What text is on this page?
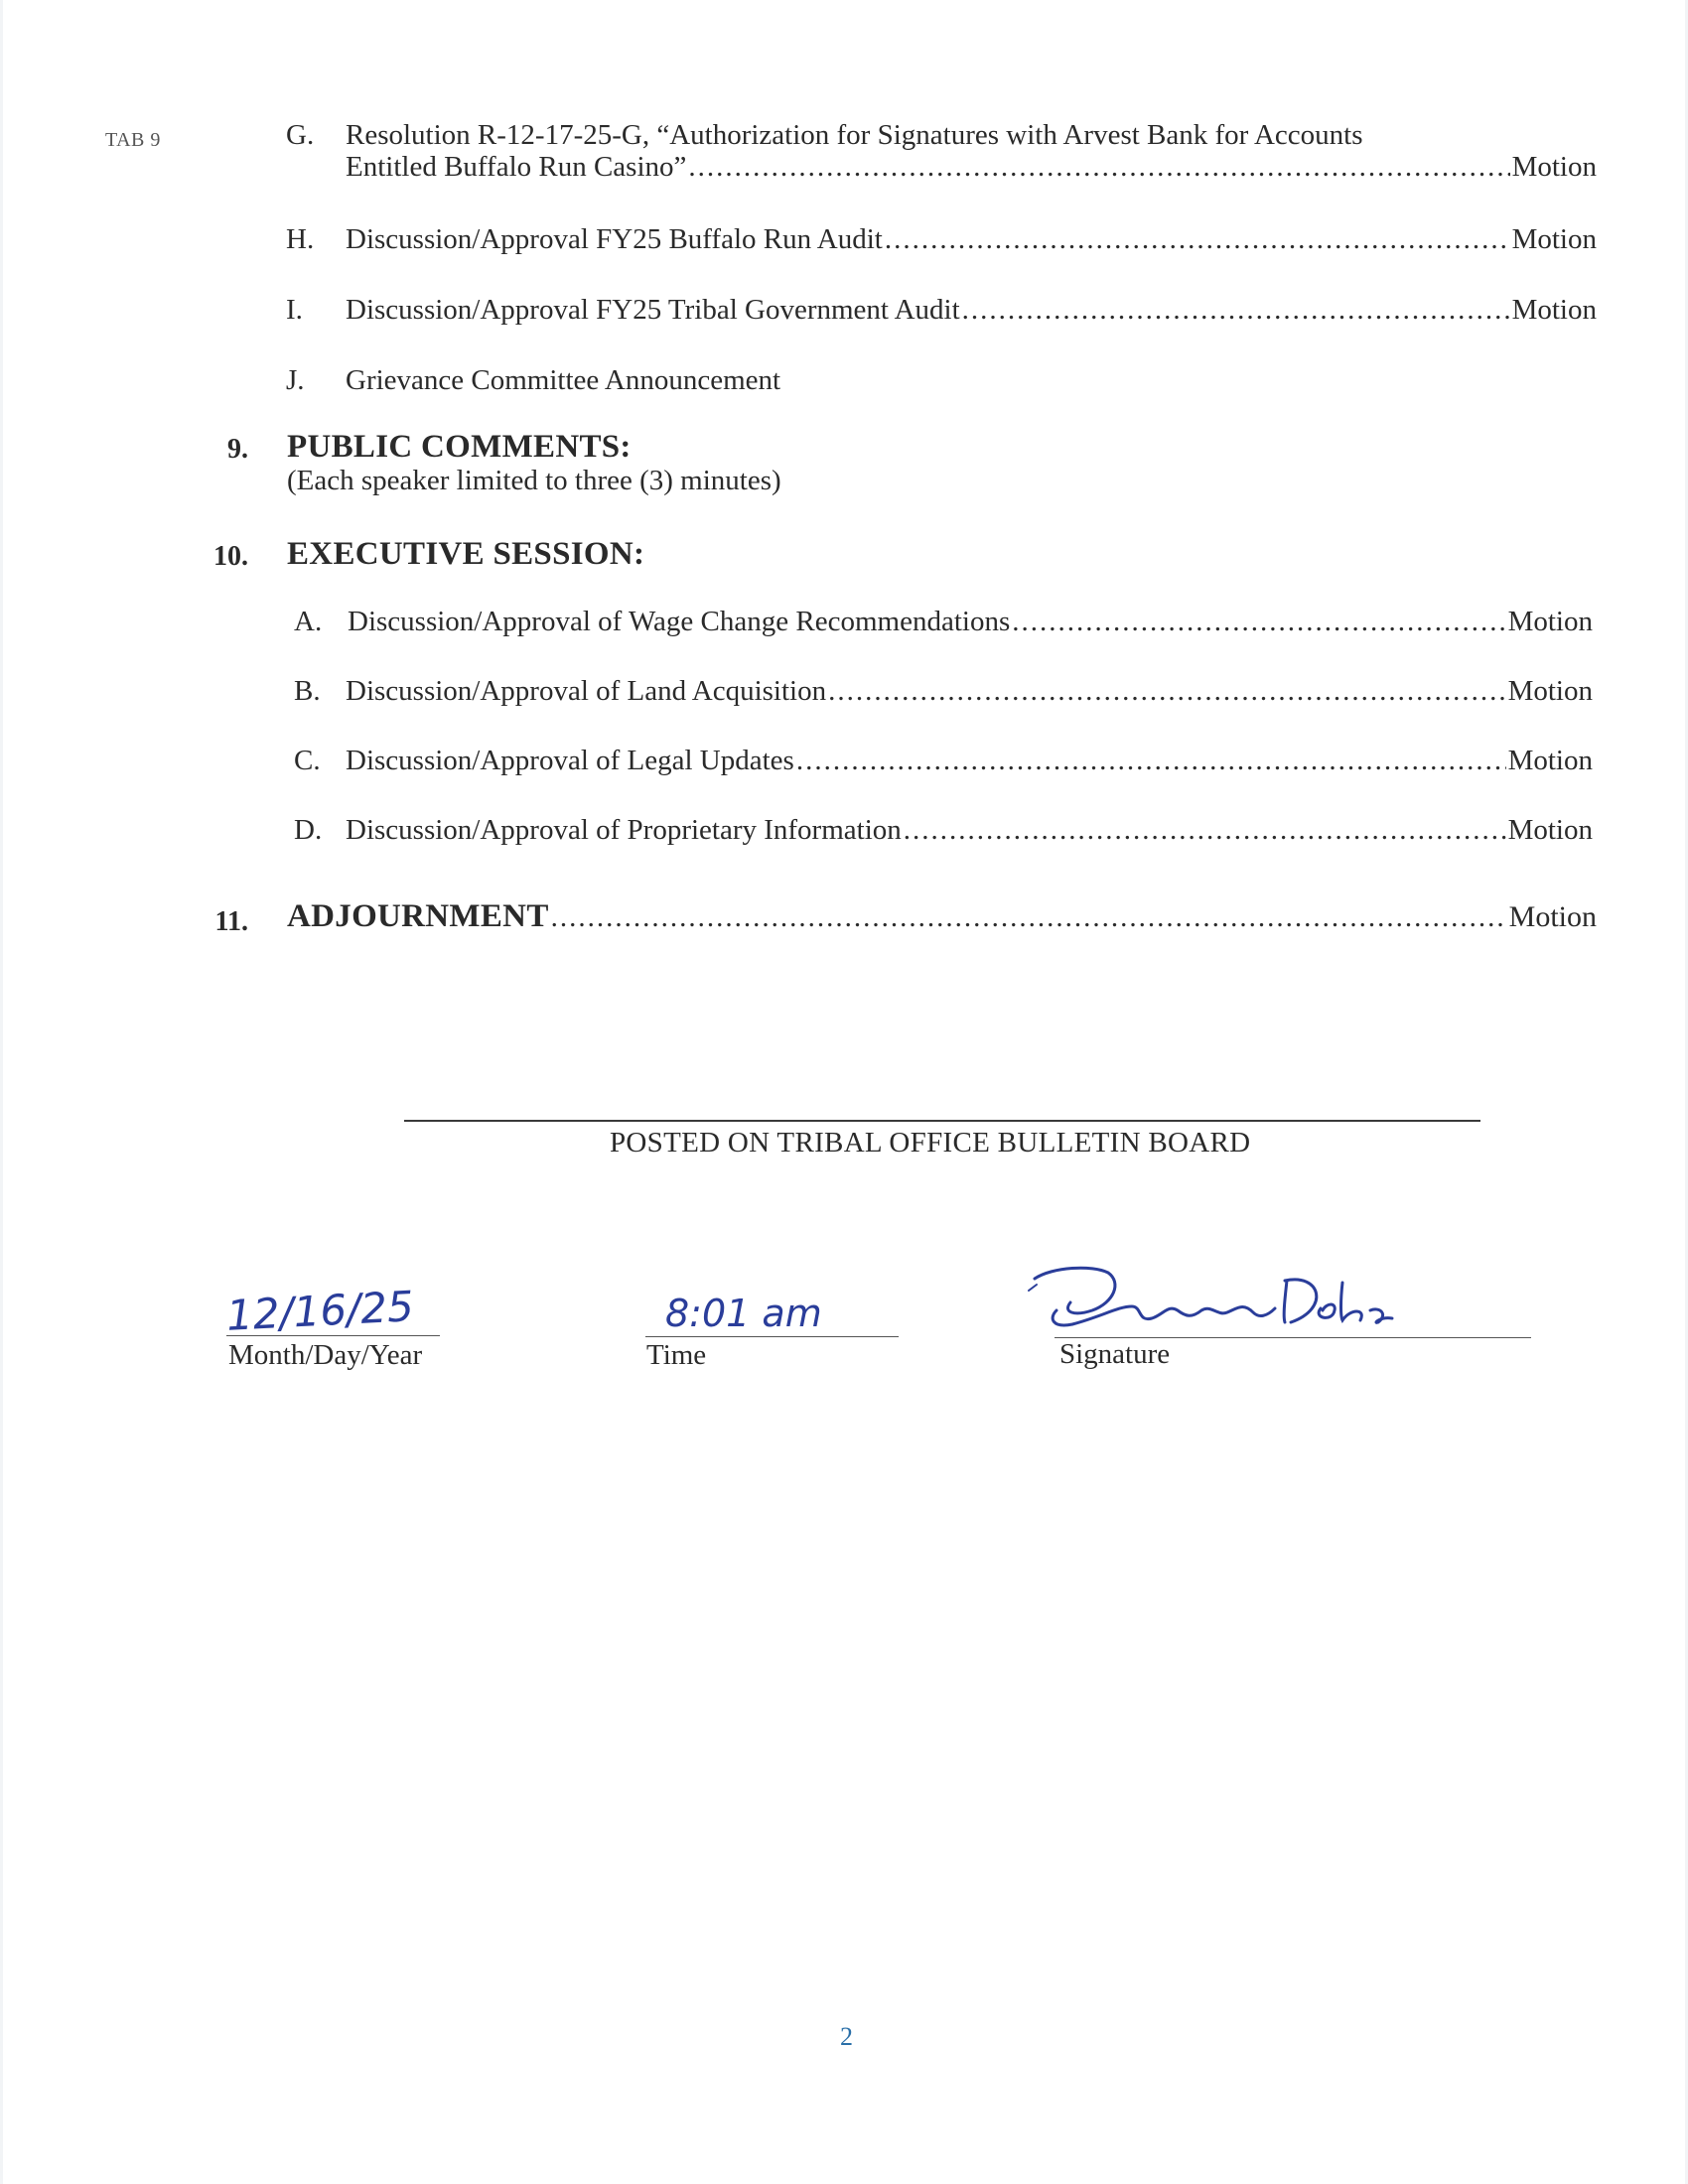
TAB 9	G. Resolution R-12-17-25-G, “Authorization for Signatures with Arvest Bank for Accounts
Entitled Buffalo Run Casino” .....	Motion
H. Discussion/Approval FY25 Buffalo Run Audit .....	Motion
I. Discussion/Approval FY25 Tribal Government Audit .....	Motion
J. Grievance Committee Announcement
9. PUBLIC COMMENTS:
(Each speaker limited to three (3) minutes)
10. EXECUTIVE SESSION:
A. Discussion/Approval of Wage Change Recommendations .....	Motion
B. Discussion/Approval of Land Acquisition .....	Motion
C. Discussion/Approval of Legal Updates .....	Motion
D. Discussion/Approval of Proprietary Information .....	Motion
11. ADJOURNMENT .....	Motion
POSTED ON TRIBAL OFFICE BULLETIN BOARD
12/16/25
Month/Day/Year
8:01 am
Time	Signature
2
